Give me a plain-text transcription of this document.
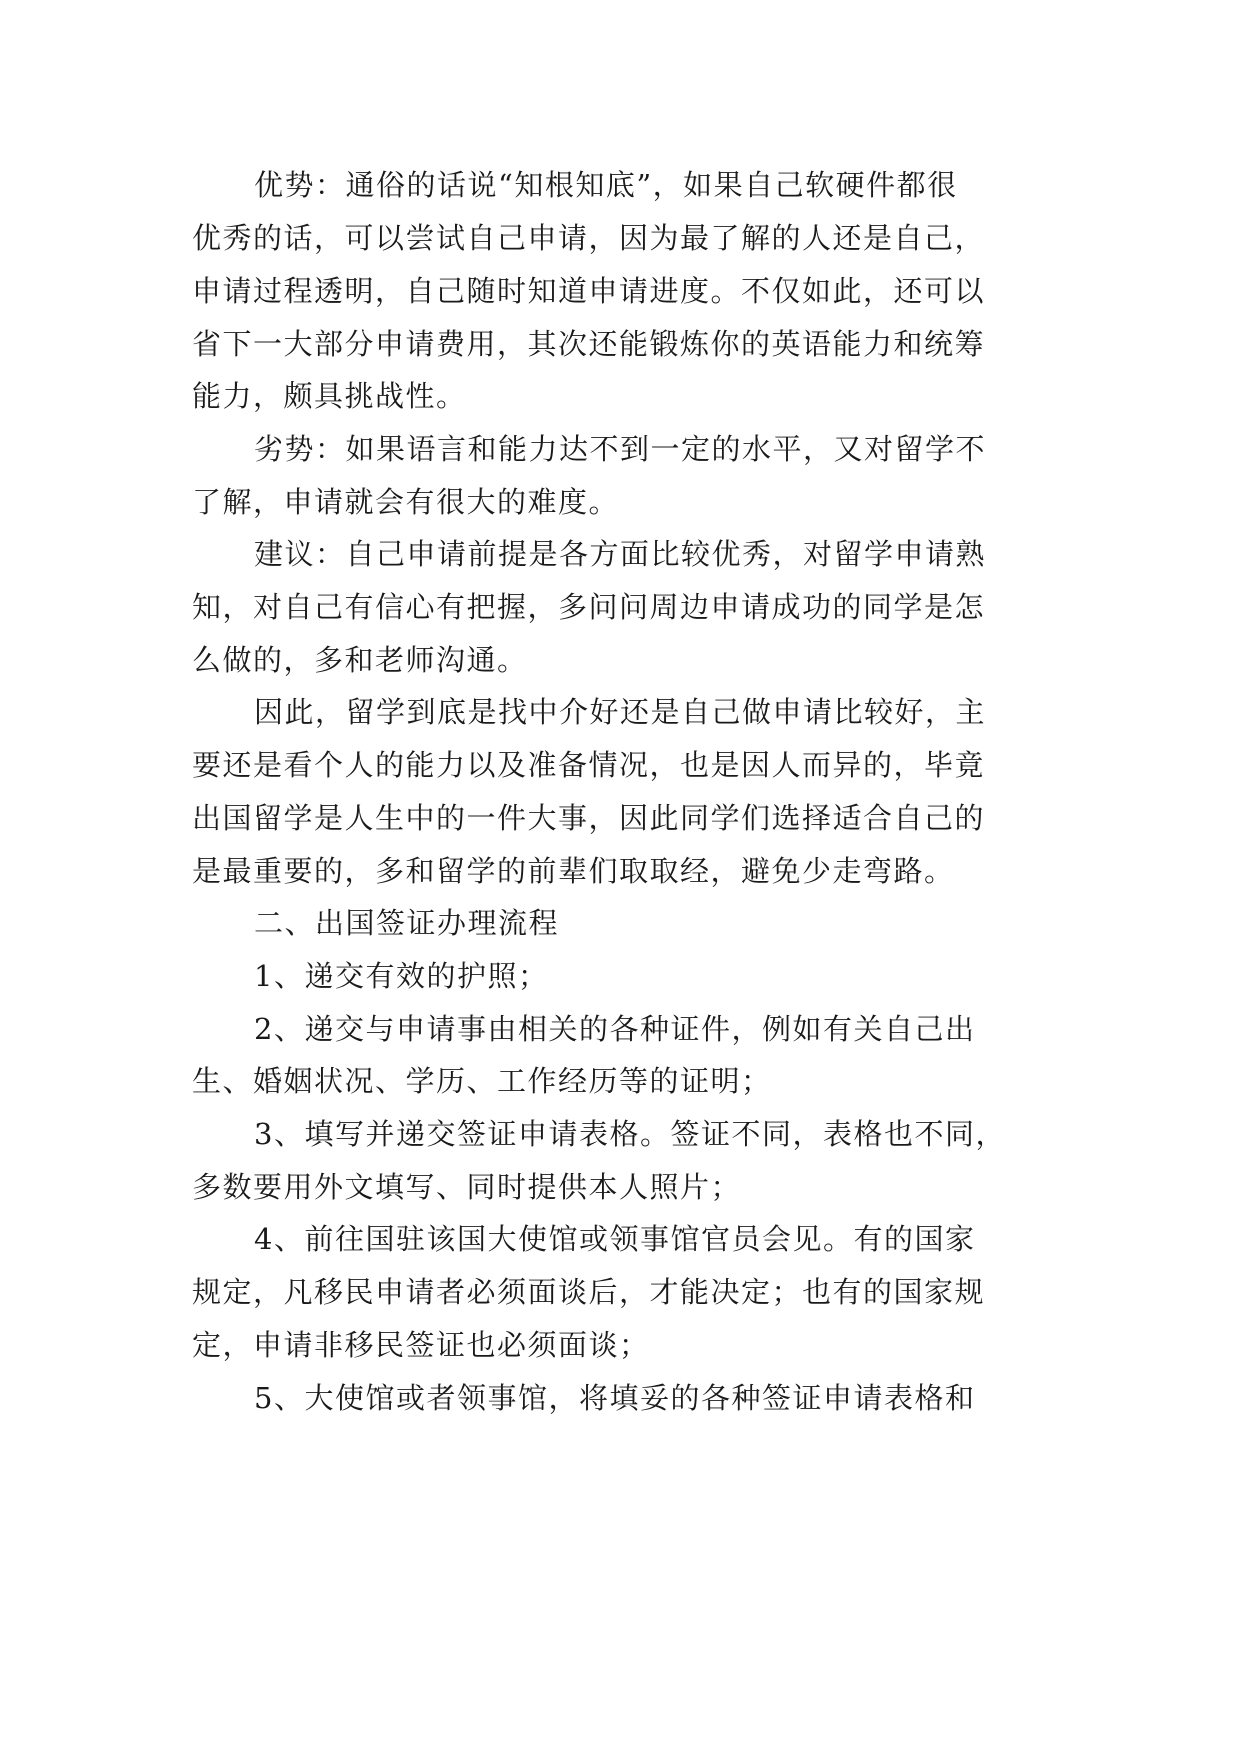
优势：通俗的话说“知根知底”，如果自己软硬件都很
优秀的话，可以尝试自己申请，因为最了解的人还是自己，
申请过程透明，自己随时知道申请进度。不仅如此，还可以
省下一大部分申请费用，其次还能锻炼你的英语能力和统筹
能力，颇具挑战性。
劣势：如果语言和能力达不到一定的水平，又对留学不
了解，申请就会有很大的难度。
建议：自己申请前提是各方面比较优秀，对留学申请熟
知，对自己有信心有把握，多问问周边申请成功的同学是怎
么做的，多和老师沟通。
因此，留学到底是找中介好还是自己做申请比较好，主
要还是看个人的能力以及准备情况，也是因人而异的，毕竟
出国留学是人生中的一件大事，因此同学们选择适合自己的
是最重要的，多和留学的前辈们取取经，避免少走弯路。
二、出国签证办理流程
1、递交有效的护照；
2、递交与申请事由相关的各种证件，例如有关自己出
生、婚姻状况、学历、工作经历等的证明；
3、填写并递交签证申请表格。签证不同，表格也不同，
多数要用外文填写、同时提供本人照片；
4、前往国驻该国大使馆或领事馆官员会见。有的国家
规定，凡移民申请者必须面谈后，才能决定；也有的国家规
定，申请非移民签证也必须面谈；
5、大使馆或者领事馆，将填妥的各种签证申请表格和
